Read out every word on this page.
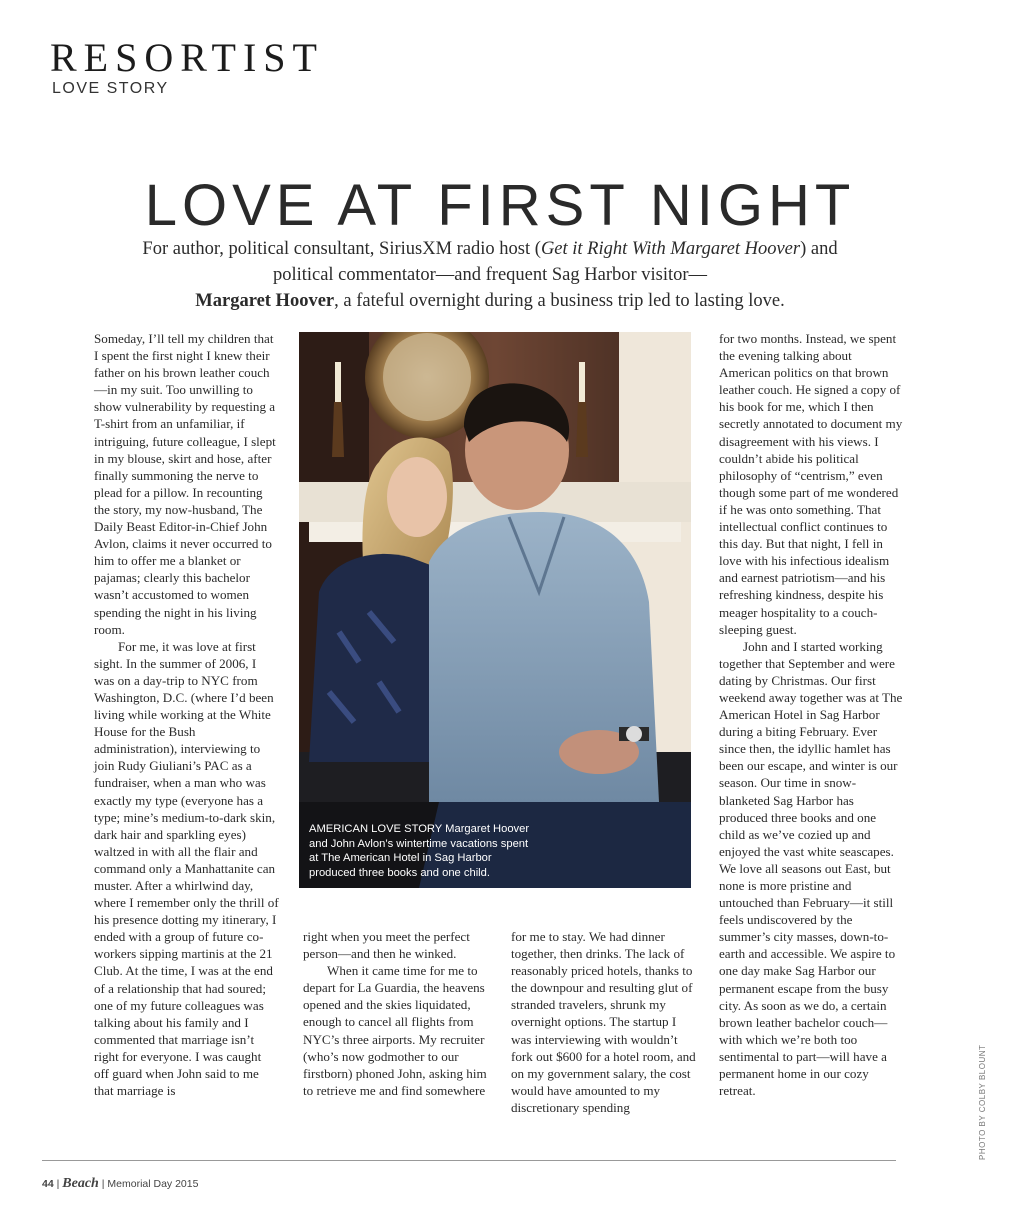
RESORTIST
LOVE STORY
LOVE AT FIRST NIGHT
For author, political consultant, SiriusXM radio host (Get it Right With Margaret Hoover) and political commentator—and frequent Sag Harbor visitor—
Margaret Hoover, a fateful overnight during a business trip led to lasting love.

Someday, I’ll tell my children that I spent the first night I knew their father on his brown leather couch—in my suit. Too unwilling to show vulnerability by requesting a T-shirt from an unfamiliar, if intriguing, future colleague, I slept in my blouse, skirt and hose, after finally summoning the nerve to plead for a pillow. In recounting the story, my now-husband, The Daily Beast Editor-in-Chief John Avlon, claims it never occurred to him to offer me a blanket or pajamas; clearly this bachelor wasn’t accustomed to women spending the night in his living room.

For me, it was love at first sight. In the summer of 2006, I was on a day-trip to NYC from Washington, D.C. (where I’d been living while working at the White House for the Bush administration), interviewing to join Rudy Giuliani’s PAC as a fundraiser, when a man who was exactly my type (everyone has a type; mine’s medium-to-dark skin, dark hair and sparkling eyes) waltzed in with all the flair and command only a Manhattanite can muster. After a whirlwind day, where I remember only the thrill of his presence dotting my itinerary, I ended with a group of future co-workers sipping martinis at the 21 Club. At the time, I was at the end of a relationship that had soured; one of my future colleagues was talking about his family and I commented that marriage isn’t right for everyone. I was caught off guard when John said to me that marriage is

AMERICAN LOVE STORY Margaret Hoover and John Avlon’s wintertime vacations spent at The American Hotel in Sag Harbor produced three books and one child.

right when you meet the perfect person—and then he winked.

When it came time for me to depart for La Guardia, the heavens opened and the skies liquidated, enough to cancel all flights from NYC’s three airports. My recruiter (who’s now godmother to our firstborn) phoned John, asking him to retrieve me and find somewhere

for me to stay. We had dinner together, then drinks. The lack of reasonably priced hotels, thanks to the downpour and resulting glut of stranded travelers, shrunk my overnight options. The startup I was interviewing with wouldn’t fork out $600 for a hotel room, and on my government salary, the cost would have amounted to my discretionary spending

for two months. Instead, we spent the evening talking about American politics on that brown leather couch. He signed a copy of his book for me, which I then secretly annotated to document my disagreement with his views. I couldn’t abide his political philosophy of “centrism,” even though some part of me wondered if he was onto something. That intellectual conflict continues to this day. But that night, I fell in love with his infectious idealism and earnest patriotism—and his refreshing kindness, despite his meager hospitality to a couch-sleeping guest.

John and I started working together that September and were dating by Christmas. Our first weekend away together was at The American Hotel in Sag Harbor during a biting February. Ever since then, the idyllic hamlet has been our escape, and winter is our season. Our time in snow-blanketed Sag Harbor has produced three books and one child as we’ve cozied up and enjoyed the vast white seascapes. We love all seasons out East, but none is more pristine and untouched than February—it still feels undiscovered by the summer’s city masses, down-to-earth and accessible. We aspire to one day make Sag Harbor our permanent escape from the busy city. As soon as we do, a certain brown leather bachelor couch—with which we’re both too sentimental to part—will have a permanent home in our cozy retreat.	PHOTO BY COLBY BLOUNT
44 | Beach | Memorial Day 2015
